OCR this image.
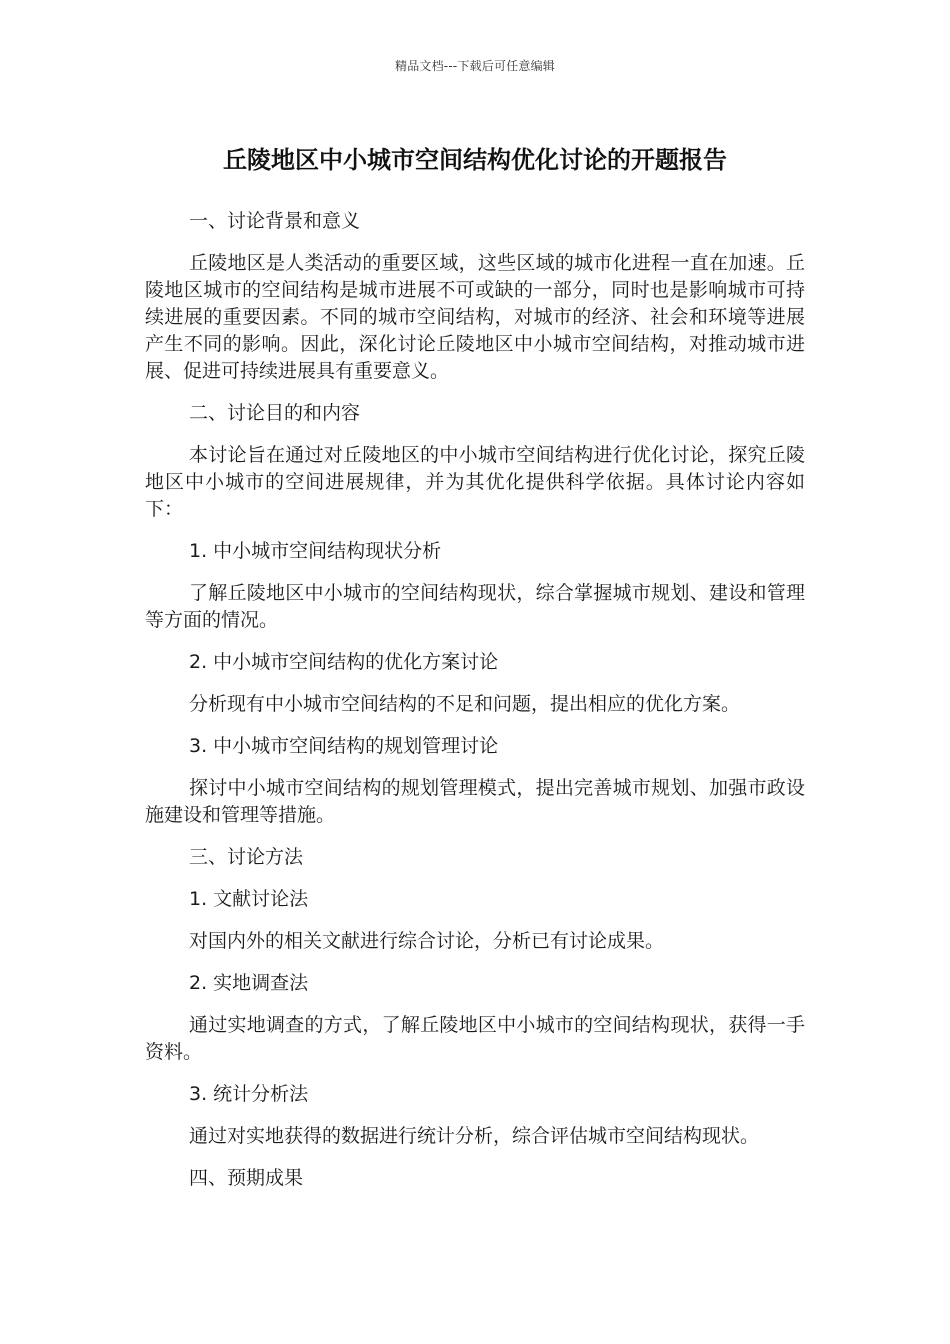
精品文档---下载后可任意编辑
丘陵地区中小城市空间结构优化讨论的开题报告

一、讨论背景和意义

丘陵地区是人类活动的重要区域，这些区域的城市化进程一直在加速。丘陵地区城市的空间结构是城市进展不可或缺的一部分，同时也是影响城市可持续进展的重要因素。不同的城市空间结构，对城市的经济、社会和环境等进展产生不同的影响。因此，深化讨论丘陵地区中小城市空间结构，对推动城市进展、促进可持续进展具有重要意义。

二、讨论目的和内容

本讨论旨在通过对丘陵地区的中小城市空间结构进行优化讨论，探究丘陵地区中小城市的空间进展规律，并为其优化提供科学依据。具体讨论内容如下：

1. 中小城市空间结构现状分析

了解丘陵地区中小城市的空间结构现状，综合掌握城市规划、建设和管理等方面的情况。

2. 中小城市空间结构的优化方案讨论

分析现有中小城市空间结构的不足和问题，提出相应的优化方案。

3. 中小城市空间结构的规划管理讨论

探讨中小城市空间结构的规划管理模式，提出完善城市规划、加强市政设施建设和管理等措施。

三、讨论方法

1. 文献讨论法

对国内外的相关文献进行综合讨论，分析已有讨论成果。

2. 实地调查法

通过实地调查的方式，了解丘陵地区中小城市的空间结构现状，获得一手资料。

3. 统计分析法

通过对实地获得的数据进行统计分析，综合评估城市空间结构现状。

四、预期成果
